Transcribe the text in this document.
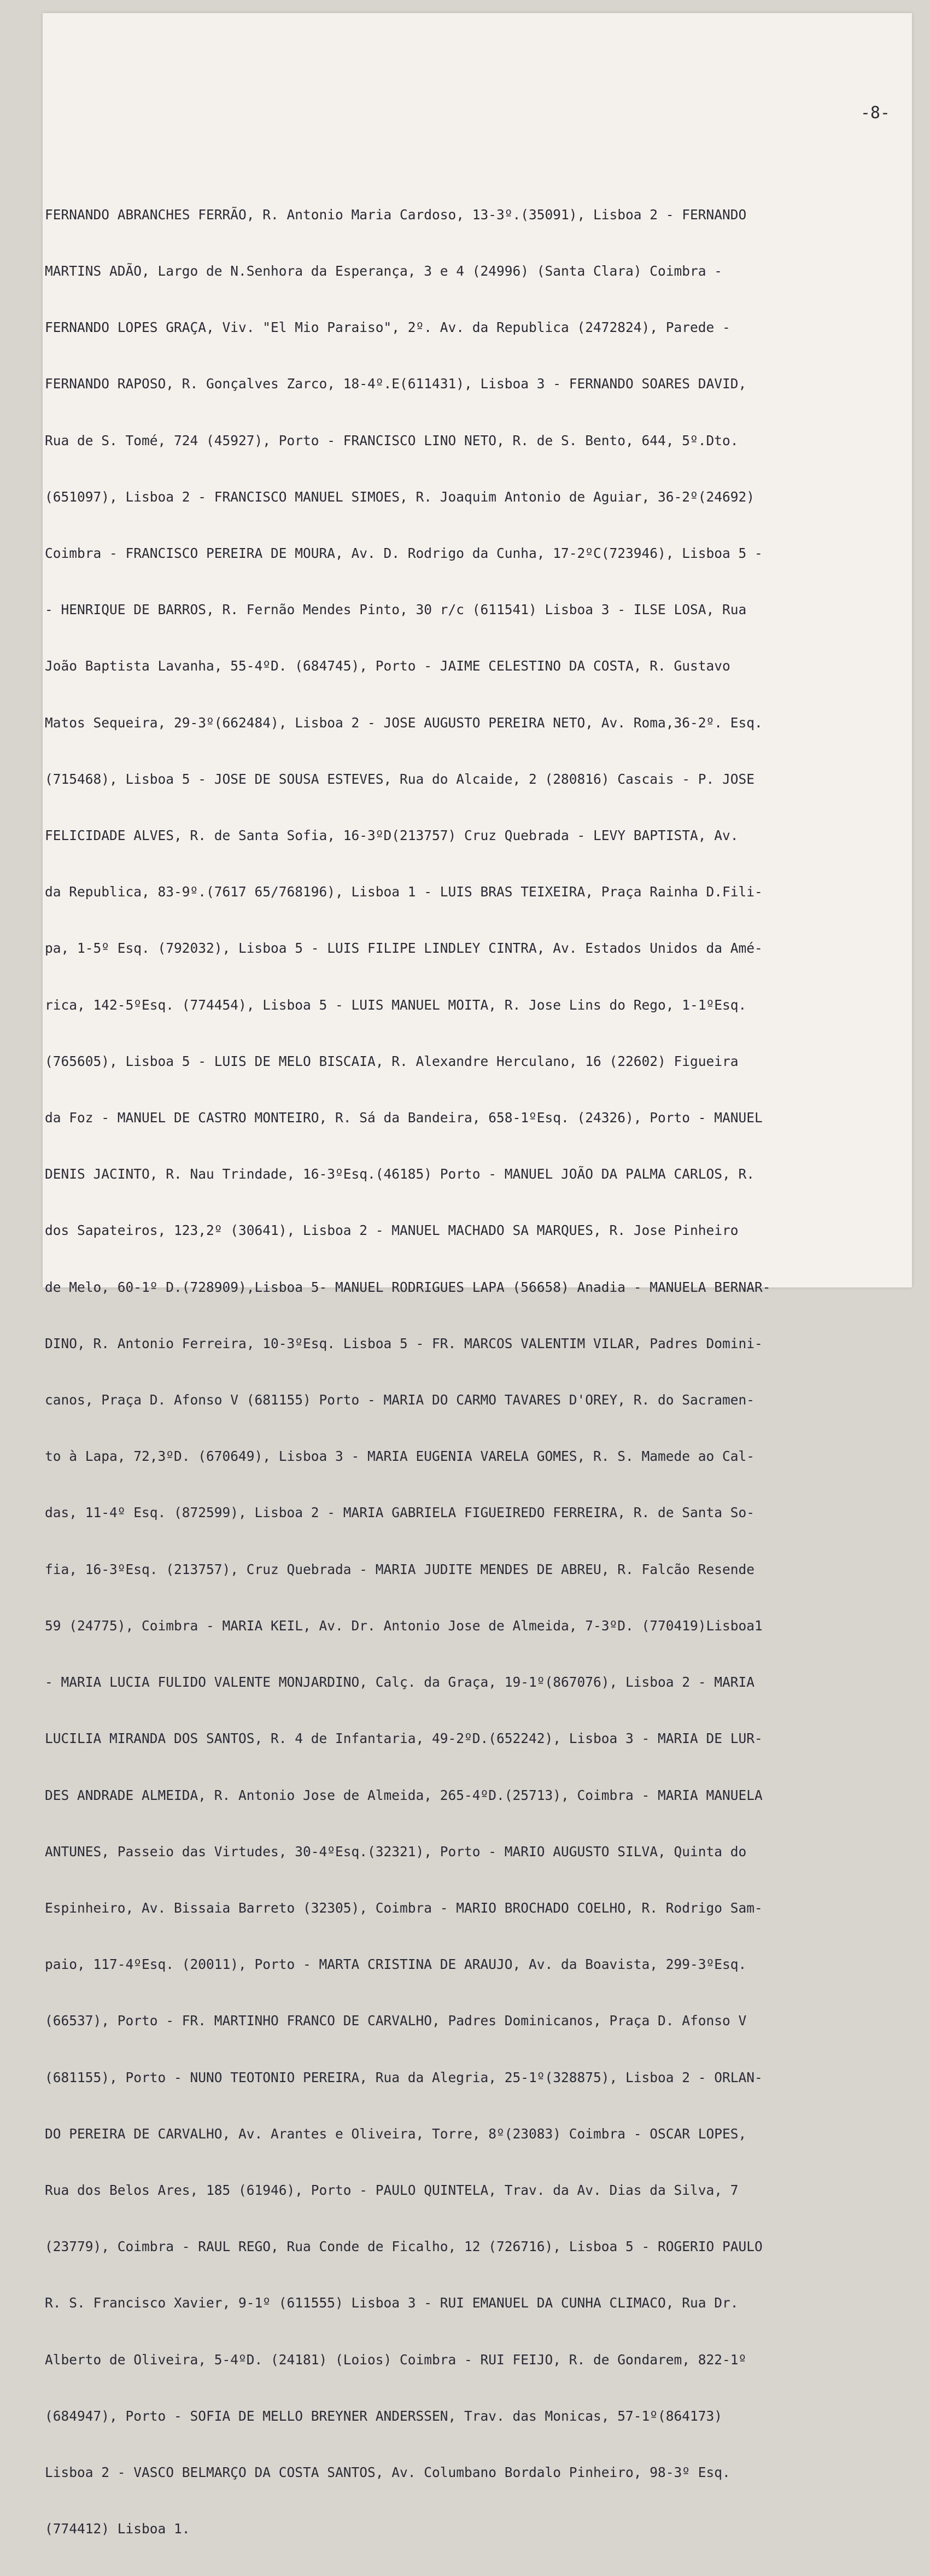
-8-

FERNANDO ABRANCHES FERRÃO, R. Antonio Maria Cardoso, 13-3º.(35091), Lisboa 2 - FERNANDO

MARTINS ADÃO, Largo de N.Senhora da Esperança, 3 e 4 (24996) (Santa Clara) Coimbra -

FERNANDO LOPES GRAÇA, Viv. "El Mio Paraiso", 2º. Av. da Republica (2472824), Parede -

FERNANDO RAPOSO, R. Gonçalves Zarco, 18-4º.E(611431), Lisboa 3 - FERNANDO SOARES DAVID,

Rua de S. Tomé, 724 (45927), Porto - FRANCISCO LINO NETO, R. de S. Bento, 644, 5º.Dto.

(651097), Lisboa 2 - FRANCISCO MANUEL SIMOES, R. Joaquim Antonio de Aguiar, 36-2º(24692)

Coimbra - FRANCISCO PEREIRA DE MOURA, Av. D. Rodrigo da Cunha, 17-2ºC(723946), Lisboa 5 -

- HENRIQUE DE BARROS, R. Fernão Mendes Pinto, 30 r/c (611541) Lisboa 3 - ILSE LOSA, Rua

João Baptista Lavanha, 55-4ºD. (684745), Porto - JAIME CELESTINO DA COSTA, R. Gustavo

Matos Sequeira, 29-3º(662484), Lisboa 2 - JOSE AUGUSTO PEREIRA NETO, Av. Roma,36-2º. Esq.

(715468), Lisboa 5 - JOSE DE SOUSA ESTEVES, Rua do Alcaide, 2 (280816) Cascais - P. JOSE

FELICIDADE ALVES, R. de Santa Sofia, 16-3ºD(213757) Cruz Quebrada - LEVY BAPTISTA, Av.

da Republica, 83-9º.(7617 65/768196), Lisboa 1 - LUIS BRAS TEIXEIRA, Praça Rainha D.Fili-

pa, 1-5º Esq. (792032), Lisboa 5 - LUIS FILIPE LINDLEY CINTRA, Av. Estados Unidos da Amé-

rica, 142-5ºEsq. (774454), Lisboa 5 - LUIS MANUEL MOITA, R. Jose Lins do Rego, 1-1ºEsq.

(765605), Lisboa 5 - LUIS DE MELO BISCAIA, R. Alexandre Herculano, 16 (22602) Figueira

da Foz - MANUEL DE CASTRO MONTEIRO, R. Sá da Bandeira, 658-1ºEsq. (24326), Porto - MANUEL

DENIS JACINTO, R. Nau Trindade, 16-3ºEsq.(46185) Porto - MANUEL JOÃO DA PALMA CARLOS, R.

dos Sapateiros, 123,2º (30641), Lisboa 2 - MANUEL MACHADO SA MARQUES, R. Jose Pinheiro

de Melo, 60-1º D.(728909),Lisboa 5- MANUEL RODRIGUES LAPA (56658) Anadia - MANUELA BERNAR-

DINO, R. Antonio Ferreira, 10-3ºEsq. Lisboa 5 - FR. MARCOS VALENTIM VILAR, Padres Domini-

canos, Praça D. Afonso V (681155) Porto - MARIA DO CARMO TAVARES D'OREY, R. do Sacramen-

to à Lapa, 72,3ºD. (670649), Lisboa 3 - MARIA EUGENIA VARELA GOMES, R. S. Mamede ao Cal-

das, 11-4º Esq. (872599), Lisboa 2 - MARIA GABRIELA FIGUEIREDO FERREIRA, R. de Santa So-

fia, 16-3ºEsq. (213757), Cruz Quebrada - MARIA JUDITE MENDES DE ABREU, R. Falcão Resende

59 (24775), Coimbra - MARIA KEIL, Av. Dr. Antonio Jose de Almeida, 7-3ºD. (770419)Lisboa1

- MARIA LUCIA FULIDO VALENTE MONJARDINO, Calç. da Graça, 19-1º(867076), Lisboa 2 - MARIA

LUCILIA MIRANDA DOS SANTOS, R. 4 de Infantaria, 49-2ºD.(652242), Lisboa 3 - MARIA DE LUR-

DES ANDRADE ALMEIDA, R. Antonio Jose de Almeida, 265-4ºD.(25713), Coimbra - MARIA MANUELA

ANTUNES, Passeio das Virtudes, 30-4ºEsq.(32321), Porto - MARIO AUGUSTO SILVA, Quinta do

Espinheiro, Av. Bissaia Barreto (32305), Coimbra - MARIO BROCHADO COELHO, R. Rodrigo Sam-

paio, 117-4ºEsq. (20011), Porto - MARTA CRISTINA DE ARAUJO, Av. da Boavista, 299-3ºEsq.

(66537), Porto - FR. MARTINHO FRANCO DE CARVALHO, Padres Dominicanos, Praça D. Afonso V

(681155), Porto - NUNO TEOTONIO PEREIRA, Rua da Alegria, 25-1º(328875), Lisboa 2 - ORLAN-

DO PEREIRA DE CARVALHO, Av. Arantes e Oliveira, Torre, 8º(23083) Coimbra - OSCAR LOPES,

Rua dos Belos Ares, 185 (61946), Porto - PAULO QUINTELA, Trav. da Av. Dias da Silva, 7

(23779), Coimbra - RAUL REGO, Rua Conde de Ficalho, 12 (726716), Lisboa 5 - ROGERIO PAULO

R. S. Francisco Xavier, 9-1º (611555) Lisboa 3 - RUI EMANUEL DA CUNHA CLIMACO, Rua Dr.

Alberto de Oliveira, 5-4ºD. (24181) (Loios) Coimbra - RUI FEIJO, R. de Gondarem, 822-1º

(684947), Porto - SOFIA DE MELLO BREYNER ANDERSSEN, Trav. das Monicas, 57-1º(864173)

Lisboa 2 - VASCO BELMARÇO DA COSTA SANTOS, Av. Columbano Bordalo Pinheiro, 98-3º Esq.

(774412) Lisboa 1.
